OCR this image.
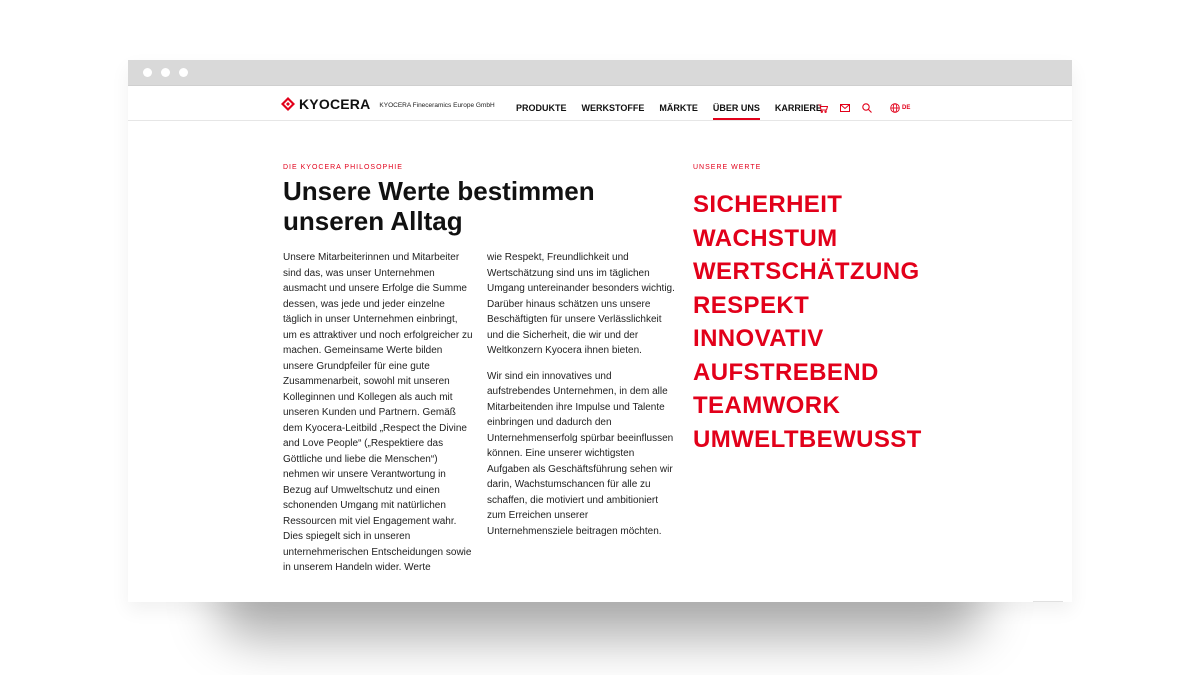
KYOCERA KYOCERA Fineceramics Europe GmbH PRODUKTE WERKSTOFFE MÄRKTE ÜBER UNS KARRIERE	DE
DIE KYOCERA PHILOSOPHIE
Unsere Werte bestimmen unseren Alltag

Unsere Mitarbeiterinnen und Mitarbeiter sind das, was unser Unternehmen ausmacht und unsere Erfolge die Summe dessen, was jede und jeder einzelne täglich in unser Unternehmen einbringt, um es attraktiver und noch erfolgreicher zu machen. Gemeinsame Werte bilden unsere Grundpfeiler für eine gute Zusammenarbeit, sowohl mit unseren Kolleginnen und Kollegen als auch mit unseren Kunden und Partnern. Gemäß dem Kyocera-Leitbild „Respect the Divine and Love People“ („Respektiere das Göttliche und liebe die Menschen“) nehmen wir unsere Verantwortung in Bezug auf Umweltschutz und einen schonenden Umgang mit natürlichen Ressourcen mit viel Engagement wahr. Dies spiegelt sich in unseren unternehmerischen Entscheidungen sowie in unserem Handeln wider. Werte

wie Respekt, Freundlichkeit und Wertschätzung sind uns im täglichen Umgang untereinander besonders wichtig. Darüber hinaus schätzen uns unsere Beschäftigten für unsere Verlässlichkeit und die Sicherheit, die wir und der Weltkonzern Kyocera ihnen bieten.

Wir sind ein innovatives und aufstrebendes Unternehmen, in dem alle Mitarbeitenden ihre Impulse und Talente einbringen und dadurch den Unternehmenserfolg spürbar beeinflussen können. Eine unserer wichtigsten Aufgaben als Geschäftsführung sehen wir darin, Wachstumschancen für alle zu schaffen, die motiviert und ambitioniert zum Erreichen unserer Unternehmensziele beitragen möchten.

UNSERE WERTE
SICHERHEIT
WACHSTUM
WERTSCHÄTZUNG
RESPEKT
INNOVATIV
AUFSTREBEND
TEAMWORK
UMWELTBEWUSST
